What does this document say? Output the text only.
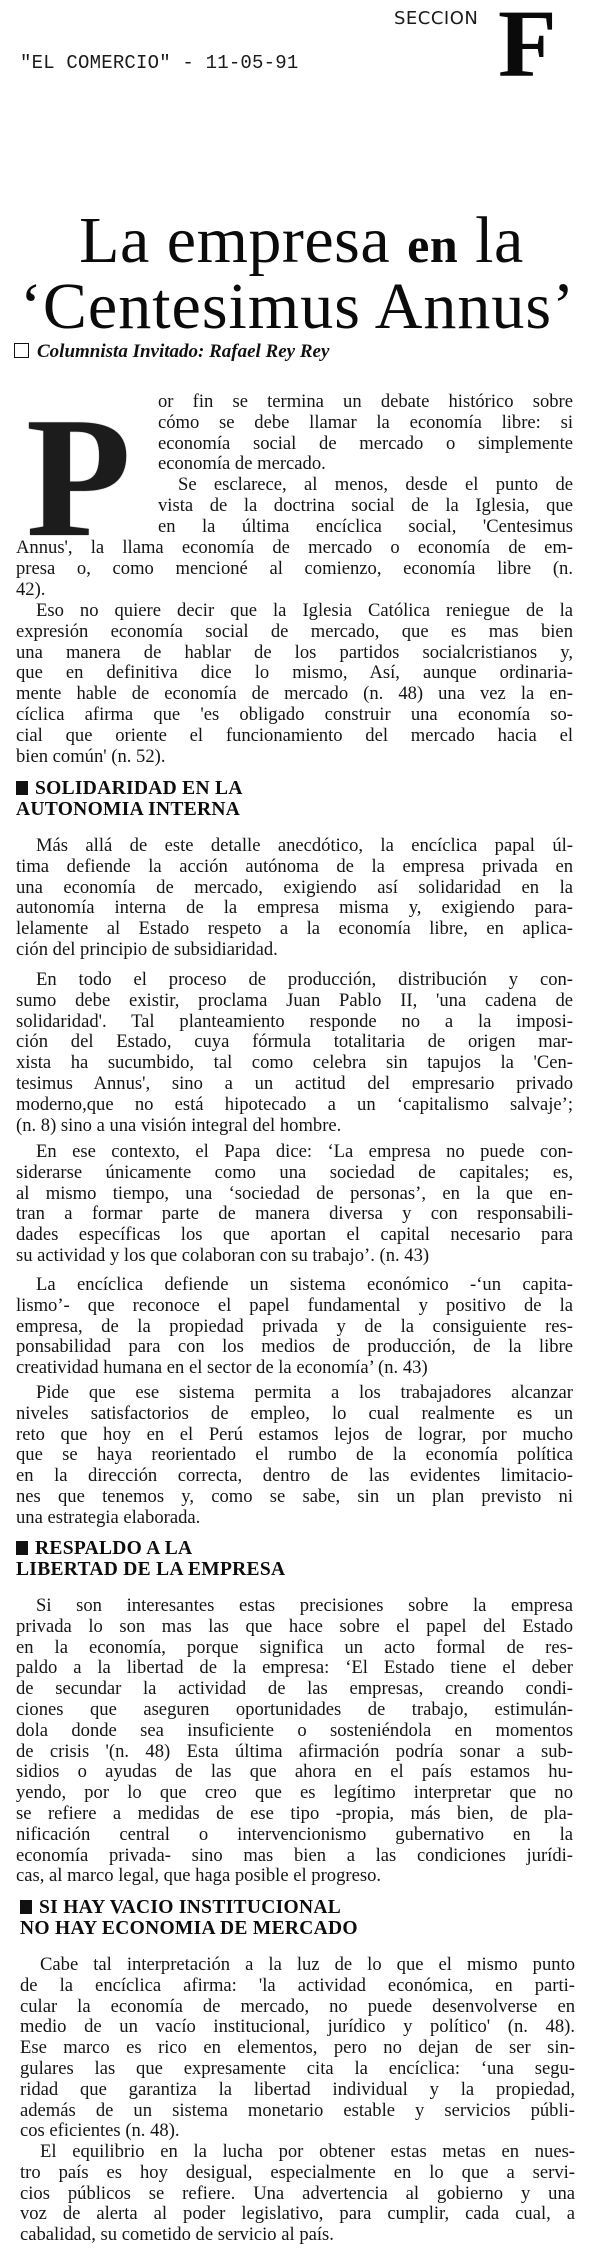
"EL COMERCIO" - 11-05-91
SECCION F
La empresa en la
‘Centesimus Annus’
Columnista Invitado: Rafael Rey Rey
P or fin se termina un debate histórico sobre
cómo se debe llamar la economía libre: si
economía social de mercado o simplemente
economía de mercado.
Se esclarece, al menos, desde el punto de
vista de la doctrina social de la Iglesia, que
en la última encíclica social, 'Centesimus
Annus', la llama economía de mercado o economía de em-
presa o, como mencioné al comienzo, economía libre (n.
42).
Eso no quiere decir que la Iglesia Católica reniegue de la
expresión economía social de mercado, que es mas bien
una manera de hablar de los partidos socialcristianos y,
que en definitiva dice lo mismo, Así, aunque ordinaria-
mente hable de economía de mercado (n. 48) una vez la en-
cíclica afirma que 'es obligado construir una economía so-
cial que oriente el funcionamiento del mercado hacia el
bien común' (n. 52).
SOLIDARIDAD EN LA
AUTONOMIA INTERNA
Más allá de este detalle anecdótico, la encíclica papal úl-
tima defiende la acción autónoma de la empresa privada en
una economía de mercado, exigiendo así solidaridad en la
autonomía interna de la empresa misma y, exigiendo para-
lelamente al Estado respeto a la economía libre, en aplica-
ción del principio de subsidiaridad.
En todo el proceso de producción, distribución y con-
sumo debe existir, proclama Juan Pablo II, 'una cadena de
solidaridad'. Tal planteamiento responde no a la imposi-
ción del Estado, cuya fórmula totalitaria de origen mar-
xista ha sucumbido, tal como celebra sin tapujos la 'Cen-
tesimus Annus', sino a un actitud del empresario privado
moderno,que no está hipotecado a un ‘capitalismo salvaje’;
(n. 8) sino a una visión integral del hombre.
En ese contexto, el Papa dice: ‘La empresa no puede con-
siderarse únicamente como una sociedad de capitales; es,
al mismo tiempo, una ‘sociedad de personas’, en la que en-
tran a formar parte de manera diversa y con responsabili-
dades específicas los que aportan el capital necesario para
su actividad y los que colaboran con su trabajo’. (n. 43)
La encíclica defiende un sistema económico -‘un capita-
lismo’- que reconoce el papel fundamental y positivo de la
empresa, de la propiedad privada y de la consiguiente res-
ponsabilidad para con los medios de producción, de la libre
creatividad humana en el sector de la economía’ (n. 43)
Pide que ese sistema permita a los trabajadores alcanzar
niveles satisfactorios de empleo, lo cual realmente es un
reto que hoy en el Perú estamos lejos de lograr, por mucho
que se haya reorientado el rumbo de la economía política
en la dirección correcta, dentro de las evidentes limitacio-
nes que tenemos y, como se sabe, sin un plan previsto ni
una estrategia elaborada.
RESPALDO A LA
LIBERTAD DE LA EMPRESA
Si son interesantes estas precisiones sobre la empresa
privada lo son mas las que hace sobre el papel del Estado
en la economía, porque significa un acto formal de res-
paldo a la libertad de la empresa: ‘El Estado tiene el deber
de secundar la actividad de las empresas, creando condi-
ciones que aseguren oportunidades de trabajo, estimulán-
dola donde sea insuficiente o sosteniéndola en momentos
de crisis '(n. 48) Esta última afirmación podría sonar a sub-
sidios o ayudas de las que ahora en el país estamos hu-
yendo, por lo que creo que es legítimo interpretar que no
se refiere a medidas de ese tipo -propia, más bien, de pla-
nificación central o intervencionismo gubernativo en la
economía privada- sino mas bien a las condiciones jurídi-
cas, al marco legal, que haga posible el progreso.
SI HAY VACIO INSTITUCIONAL
NO HAY ECONOMIA DE MERCADO
Cabe tal interpretación a la luz de lo que el mismo punto
de la encíclica afirma: 'la actividad económica, en parti-
cular la economía de mercado, no puede desenvolverse en
medio de un vacío institucional, jurídico y político' (n. 48).
Ese marco es rico en elementos, pero no dejan de ser sin-
gulares las que expresamente cita la encíclica: ‘una segu-
ridad que garantiza la libertad individual y la propiedad,
además de un sistema monetario estable y servicios públi-
cos eficientes (n. 48).
El equilibrio en la lucha por obtener estas metas en nues-
tro país es hoy desigual, especialmente en lo que a servi-
cios públicos se refiere. Una advertencia al gobierno y una
voz de alerta al poder legislativo, para cumplir, cada cual, a
cabalidad, su cometido de servicio al país.
